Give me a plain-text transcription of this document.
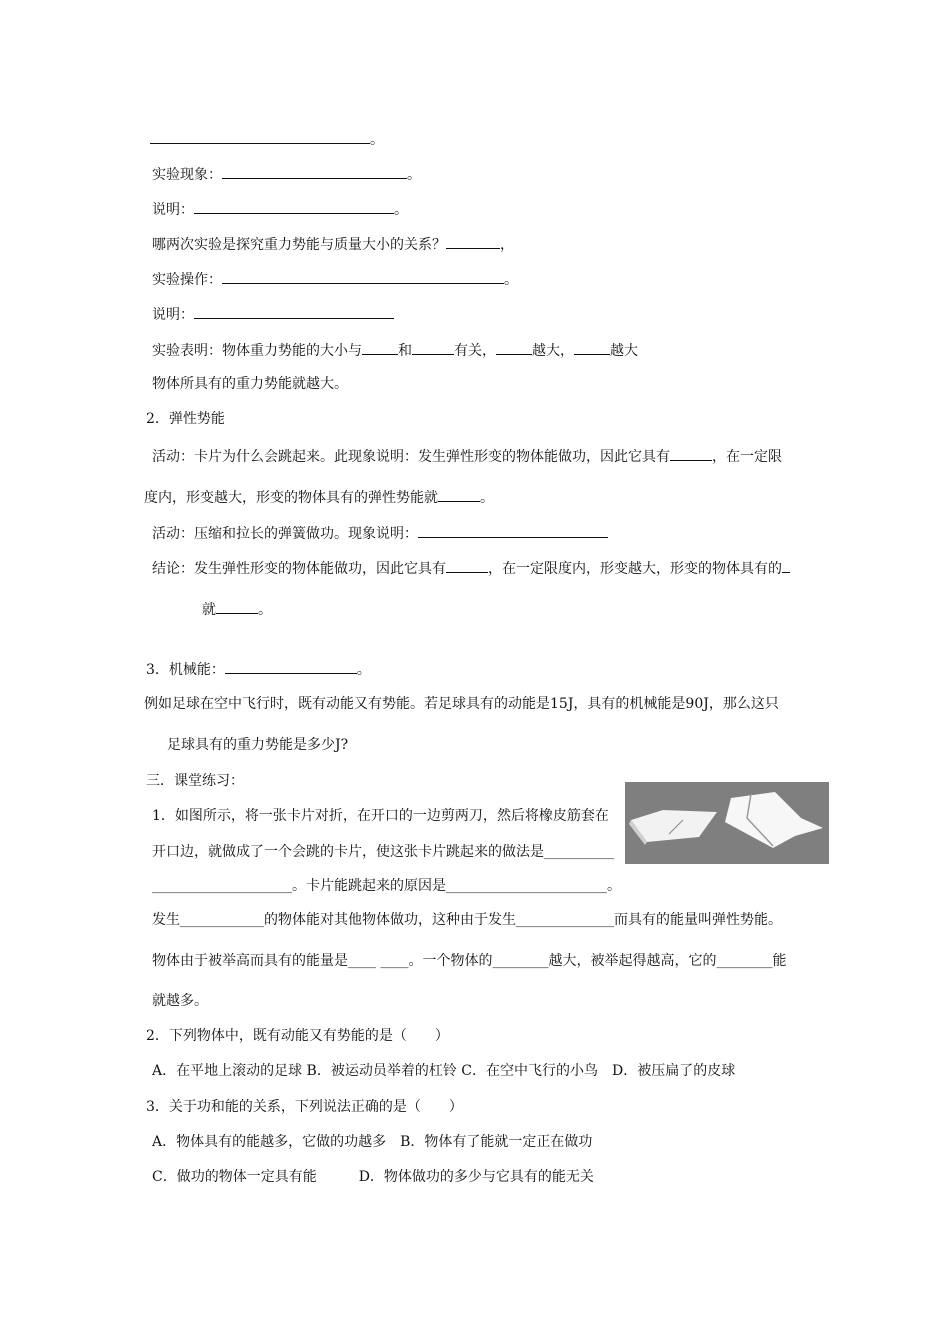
。
实验现象：	。
说明：	。
哪两次实验是探究重力势能与质量大小的关系？	，
实验操作：	。
说明：
实验表明：物体重力势能的大小与	和	有关，	越大，	越大
物体所具有的重力势能就越大。
2．弹性势能
活动：卡片为什么会跳起来。此现象说明：发生弹性形变的物体能做功，因此它具有	，在一定限
度内，形变越大，形变的物体具有的弹性势能就	。
活动：压缩和拉长的弹簧做功。现象说明：
结论：发生弹性形变的物体能做功，因此它具有	，在一定限度内，形变越大，形变的物体具有的
就	。
3．机械能：	。
例如足球在空中飞行时，既有动能又有势能。若足球具有的动能是15J，具有的机械能是90J，那么这只
足球具有的重力势能是多少J?
三．课堂练习：
1．如图所示，将一张卡片对折，在开口的一边剪两刀，然后将橡皮筋套在
开口边，就做成了一个会跳的卡片，使这张卡片跳起来的做法是__________
____________________。卡片能跳起来的原因是_______________________。
发生____________的物体能对其他物体做功，这种由于发生______________而具有的能量叫弹性势能。
物体由于被举高而具有的能量是____ ____。一个物体的________越大，被举起得越高，它的________能
就越多。
2．下列物体中，既有动能又有势能的是（　　）
A．在平地上滚动的足球 B．被运动员举着的杠铃 C．在空中飞行的小鸟　D．被压扁了的皮球
3．关于功和能的关系，下列说法正确的是（　　）
A．物体具有的能越多，它做的功越多　B．物体有了能就一定正在做功
C．做功的物体一定具有能　　　D．物体做功的多少与它具有的能无关
